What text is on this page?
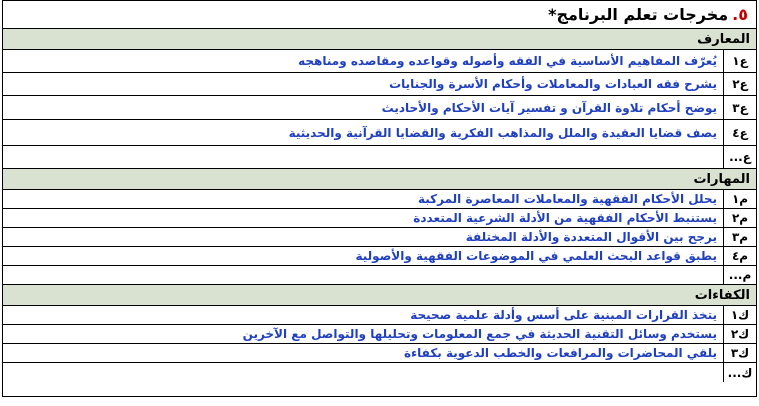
٥.
مخرجات تعلم البرنامج*
المعارف
ع١
يُعرّف المفاهيم الأساسية في الفقه وأصوله وقواعده ومقاصده ومناهجه
ع٢
يشرح فقه العبادات والمعاملات وأحكام الأسرة والجنايات
ع٣
يوضح أحكام تلاوة القرآن و تفسير آيات الأحكام والأحاديث
ع٤
يصف قضايا العقيدة والملل والمذاهب الفكرية والقضايا القرآنية والحديثية
ع...
المهارات
م١
يحلل الأحكام الفقهية والمعاملات المعاصرة المركبة
م٢
يستنبط الأحكام الفقهية من الأدلة الشرعية المتعددة
م٣
يرجح بين الأقوال المتعددة والأدلة المختلفة
م٤
يطبق قواعد البحث العلمي في الموضوعات الفقهية والأصولية
م...
الكفاءات
ك١
يتخذ القرارات المبنية على أسس وأدلة علمية صحيحة
ك٢
يستخدم وسائل التقنية الحديثة في جمع المعلومات وتحليلها والتواصل مع الآخرين
ك٣
يلقي المحاضرات والمرافعات والخطب الدعوية بكفاءة
ك...
